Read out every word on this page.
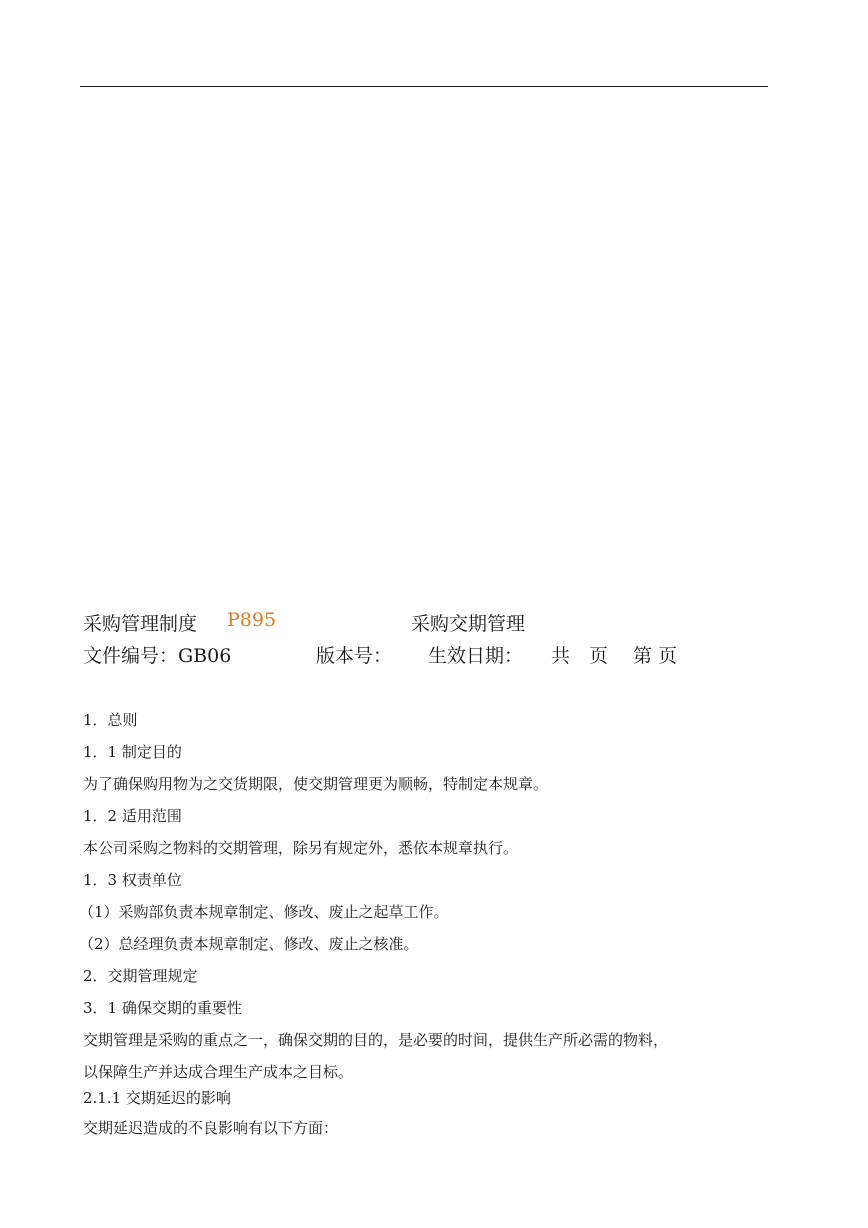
采购管理制度 P895	采购交期管理
文件编号：GB06	版本号： 生效日期： 共　页 第 页
1．总则
1．1 制定目的
为了确保购用物为之交货期限，使交期管理更为顺畅，特制定本规章。
1．2 适用范围
本公司采购之物料的交期管理，除另有规定外，悉依本规章执行。
1．3 权责单位
（1）采购部负责本规章制定、修改、废止之起草工作。
（2）总经理负责本规章制定、修改、废止之核准。
2．交期管理规定
3．1 确保交期的重要性
交期管理是采购的重点之一，确保交期的目的，是必要的时间，提供生产所必需的物料，
以保障生产并达成合理生产成本之目标。
2.1.1 交期延迟的影响
交期延迟造成的不良影响有以下方面：
